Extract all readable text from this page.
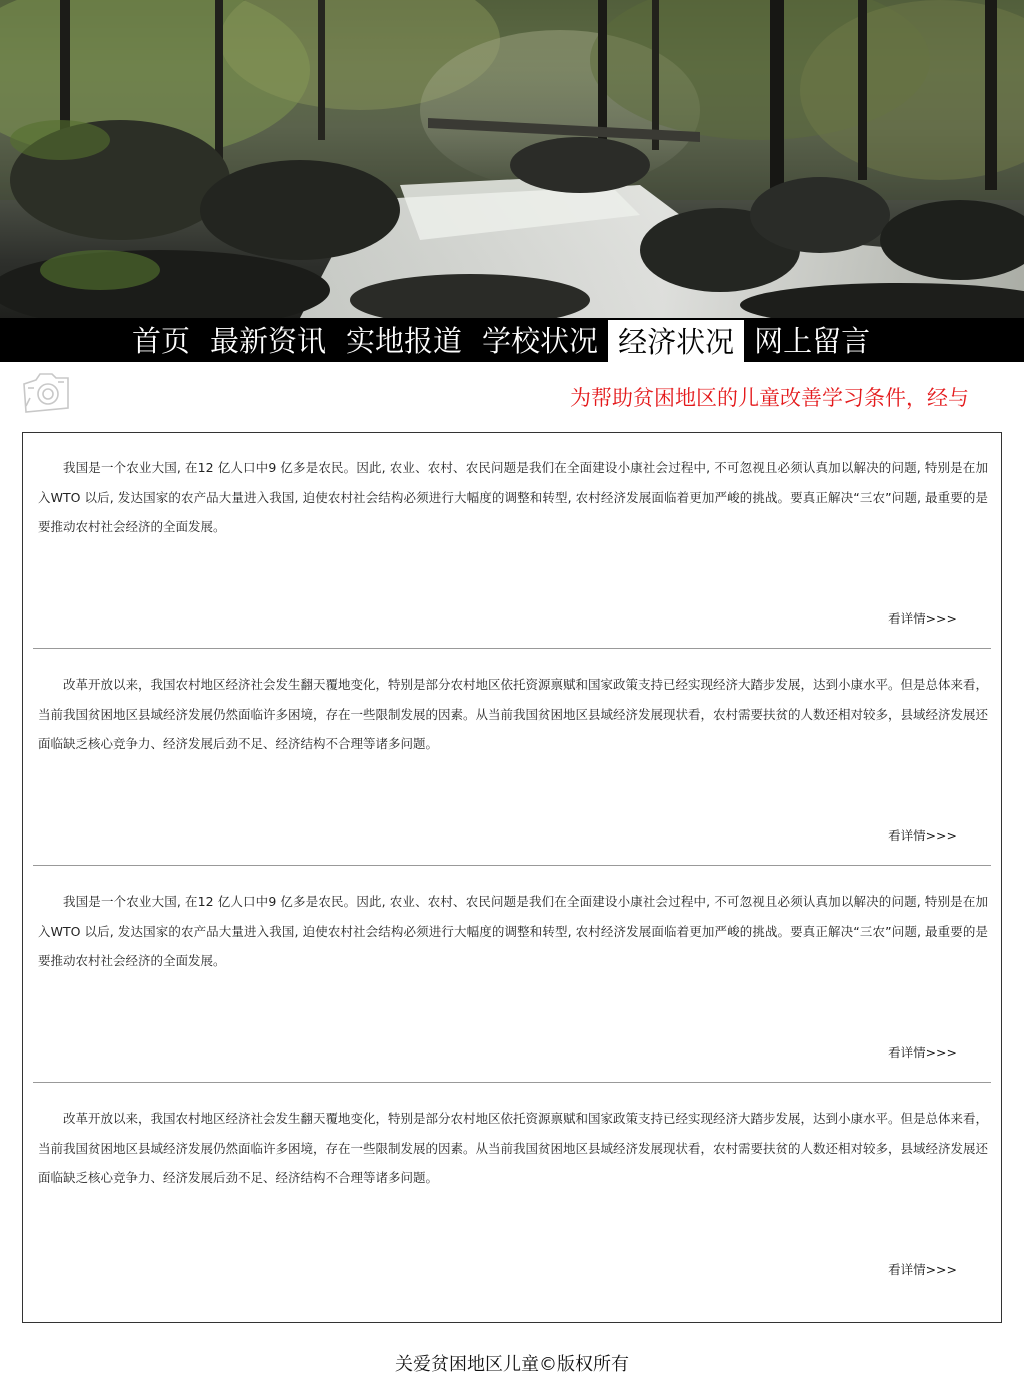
首页 最新资讯 实地报道 学校状况 经济状况 网上留言
为帮助贫困地区的儿童改善学习条件，经与

我国是一个农业大国, 在12 亿人口中9 亿多是农民。因此, 农业、农村、农民问题是我们在全面建设小康社会过程中, 不可忽视且必须认真加以解决的问题, 特别是在加入WTO 以后, 发达国家的农产品大量进入我国, 迫使农村社会结构必须进行大幅度的调整和转型, 农村经济发展面临着更加严峻的挑战。要真正解决“三农”问题, 最重要的是要推动农村社会经济的全面发展。

看详情>>>

改革开放以来，我国农村地区经济社会发生翻天覆地变化，特别是部分农村地区依托资源禀赋和国家政策支持已经实现经济大踏步发展，达到小康水平。但是总体来看，当前我国贫困地区县域经济发展仍然面临许多困境，存在一些限制发展的因素。从当前我国贫困地区县域经济发展现状看，农村需要扶贫的人数还相对较多，县域经济发展还面临缺乏核心竞争力、经济发展后劲不足、经济结构不合理等诸多问题。

看详情>>>

我国是一个农业大国, 在12 亿人口中9 亿多是农民。因此, 农业、农村、农民问题是我们在全面建设小康社会过程中, 不可忽视且必须认真加以解决的问题, 特别是在加入WTO 以后, 发达国家的农产品大量进入我国, 迫使农村社会结构必须进行大幅度的调整和转型, 农村经济发展面临着更加严峻的挑战。要真正解决“三农”问题, 最重要的是要推动农村社会经济的全面发展。

看详情>>>

改革开放以来，我国农村地区经济社会发生翻天覆地变化，特别是部分农村地区依托资源禀赋和国家政策支持已经实现经济大踏步发展，达到小康水平。但是总体来看，当前我国贫困地区县域经济发展仍然面临许多困境，存在一些限制发展的因素。从当前我国贫困地区县域经济发展现状看，农村需要扶贫的人数还相对较多，县域经济发展还面临缺乏核心竞争力、经济发展后劲不足、经济结构不合理等诸多问题。

看详情>>>
关爱贫困地区儿童©版权所有
